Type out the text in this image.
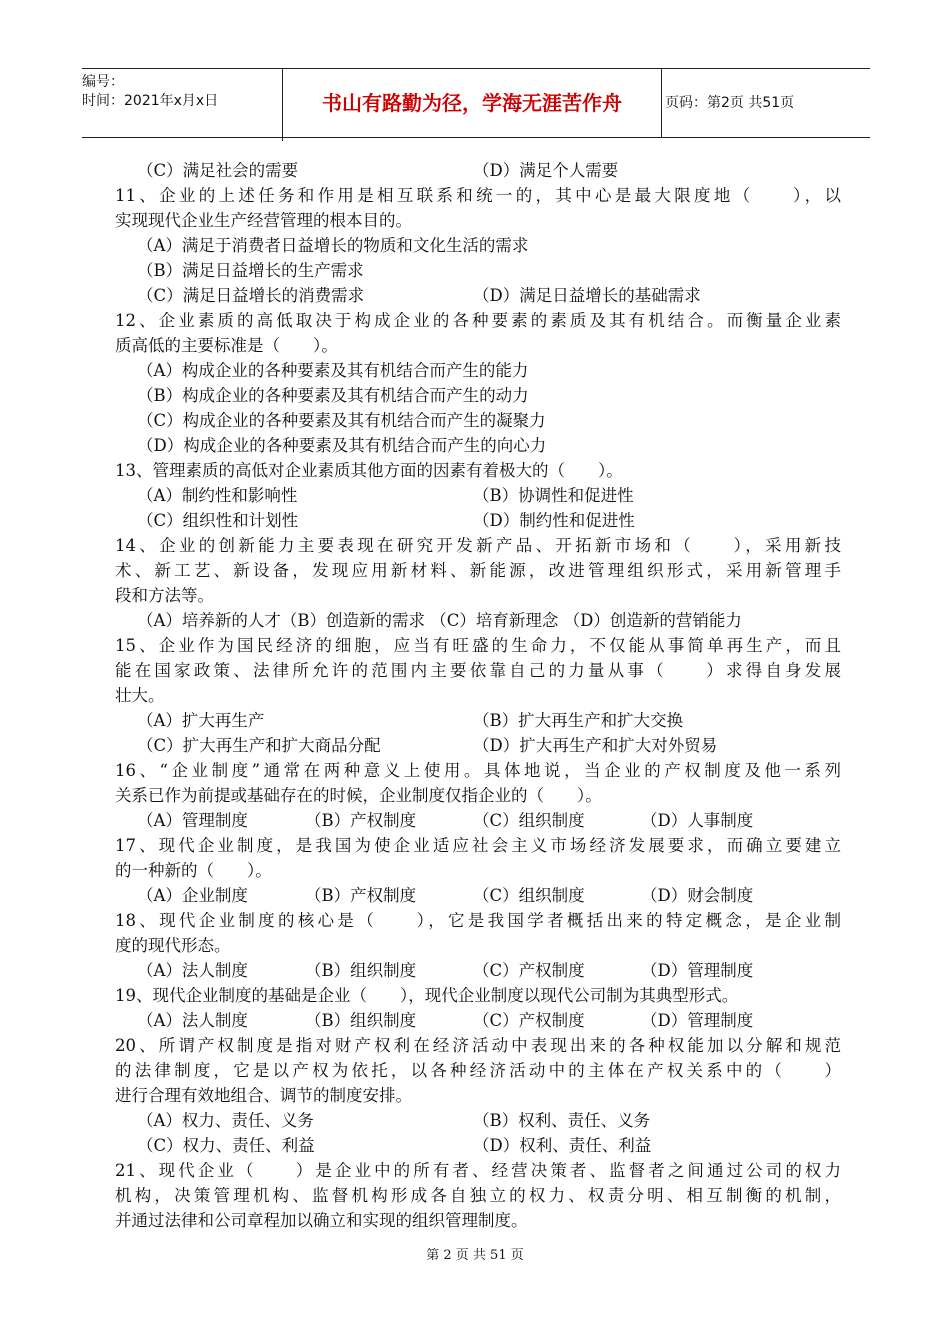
编号：
时间：2021年x月x日	书山有路勤为径，学海无涯苦作舟	页码：第2页 共51页
（C）满足社会的需要	（D）满足个人需要
11、企业的上述任务和作用是相互联系和统一的，其中心是最大限度地（　　），以
实现现代企业生产经营管理的根本目的。
（A）满足于消费者日益增长的物质和文化生活的需求
（B）满足日益增长的生产需求
（C）满足日益增长的消费需求	（D）满足日益增长的基础需求
12、企业素质的高低取决于构成企业的各种要素的素质及其有机结合。而衡量企业素
质高低的主要标准是（　　）。
（A）构成企业的各种要素及其有机结合而产生的能力
（B）构成企业的各种要素及其有机结合而产生的动力
（C）构成企业的各种要素及其有机结合而产生的凝聚力
（D）构成企业的各种要素及其有机结合而产生的向心力
13、管理素质的高低对企业素质其他方面的因素有着极大的（　　）。
（A）制约性和影响性	（B）协调性和促进性
（C）组织性和计划性	（D）制约性和促进性
14、企业的创新能力主要表现在研究开发新产品、开拓新市场和（　　），采用新技
术、新工艺、新设备，发现应用新材料、新能源，改进管理组织形式，采用新管理手
段和方法等。
（A）培养新的人才（B）创造新的需求 （C）培育新理念 （D）创造新的营销能力
15、企业作为国民经济的细胞，应当有旺盛的生命力，不仅能从事简单再生产，而且
能在国家政策、法律所允许的范围内主要依靠自己的力量从事（　　）求得自身发展
壮大。
（A）扩大再生产	（B）扩大再生产和扩大交换
（C）扩大再生产和扩大商品分配	（D）扩大再生产和扩大对外贸易
16、“企业制度”通常在两种意义上使用。具体地说，当企业的产权制度及他一系列
关系已作为前提或基础存在的时候，企业制度仅指企业的（　　）。
（A）管理制度	（B）产权制度	（C）组织制度	（D）人事制度
17、现代企业制度，是我国为使企业适应社会主义市场经济发展要求，而确立要建立
的一种新的（　　）。
（A）企业制度	（B）产权制度	（C）组织制度	（D）财会制度
18、现代企业制度的核心是（　　），它是我国学者概括出来的特定概念，是企业制
度的现代形态。
（A）法人制度	（B）组织制度	（C）产权制度	（D）管理制度
19、现代企业制度的基础是企业（　　），现代企业制度以现代公司制为其典型形式。
（A）法人制度	（B）组织制度	（C）产权制度	（D）管理制度
20、所谓产权制度是指对财产权利在经济活动中表现出来的各种权能加以分解和规范
的法律制度，它是以产权为依托，以各种经济活动中的主体在产权关系中的（　　）
进行合理有效地组合、调节的制度安排。
（A）权力、责任、义务	（B）权利、责任、义务
（C）权力、责任、利益	（D）权利、责任、利益
21、现代企业（　　）是企业中的所有者、经营决策者、监督者之间通过公司的权力
机构，决策管理机构、监督机构形成各自独立的权力、权责分明、相互制衡的机制，
并通过法律和公司章程加以确立和实现的组织管理制度。
第 2 页 共 51 页
